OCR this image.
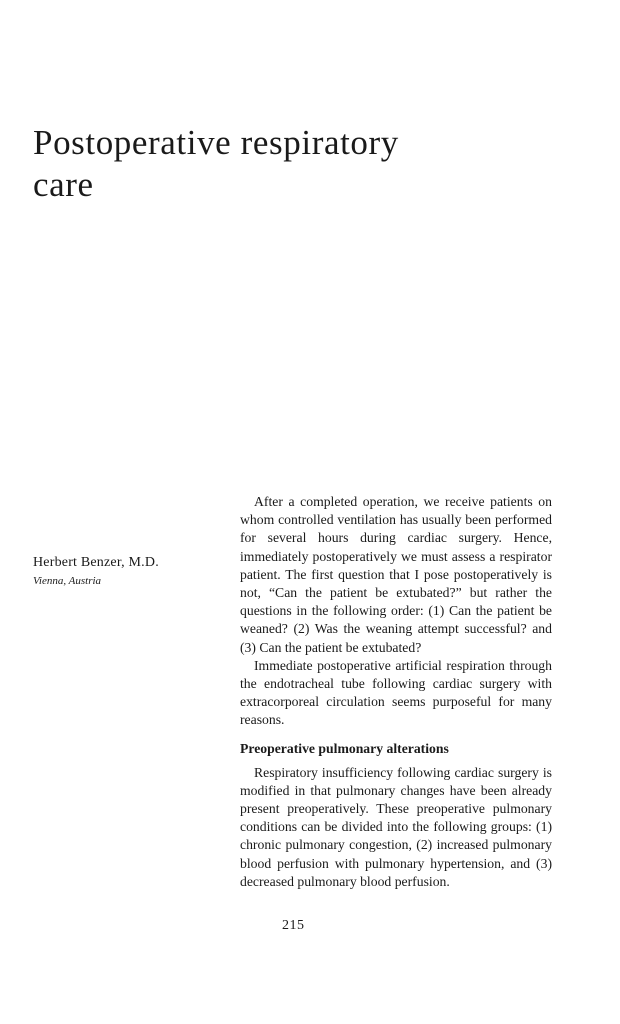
Postoperative respiratory care
Herbert Benzer, M.D.
Vienna, Austria

After a completed operation, we receive patients on whom controlled ventilation has usually been performed for several hours during cardiac surgery. Hence, immediately postoperatively we must assess a respirator patient. The first question that I pose postoperatively is not, “Can the patient be extubated?” but rather the questions in the following order: (1) Can the patient be weaned? (2) Was the weaning attempt successful? and (3) Can the patient be extubated?

Immediate postoperative artificial respiration through the endotracheal tube following cardiac surgery with extracorporeal circulation seems purposeful for many reasons.

Preoperative pulmonary alterations

Respiratory insufficiency following cardiac surgery is modified in that pulmonary changes have been already present preoperatively. These preoperative pulmonary conditions can be divided into the following groups: (1) chronic pulmonary congestion, (2) increased pulmonary blood perfusion with pulmonary hypertension, and (3) decreased pulmonary blood perfusion.

215
